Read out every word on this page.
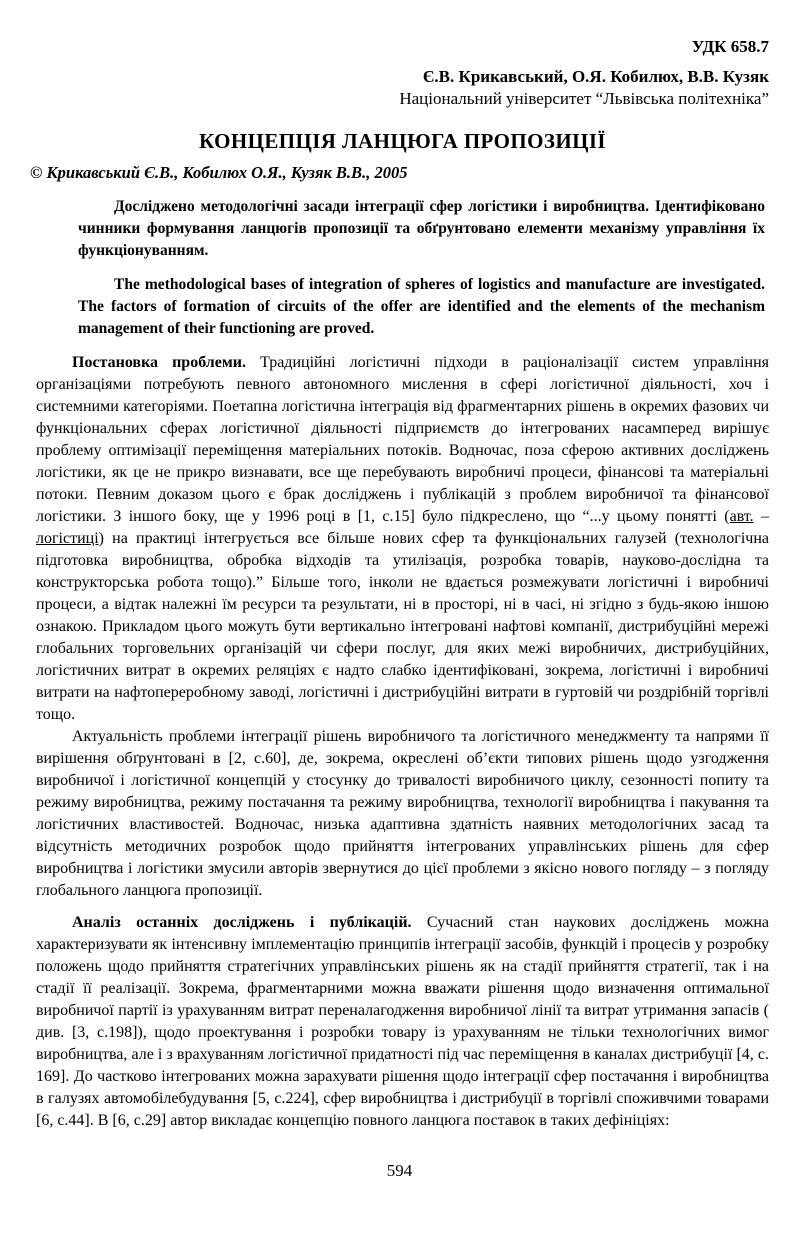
УДК 658.7
Є.В. Крикавський, О.Я. Кобилюх, В.В. Кузяк
Національний університет “Львівська політехніка”
КОНЦЕПЦІЯ ЛАНЦЮГА ПРОПОЗИЦІЇ
© Крикавський Є.В., Кобилюх О.Я., Кузяк В.В., 2005

Досліджено методологічні засади інтеграції сфер логістики і виробництва. Ідентифіковано чинники формування ланцюгів пропозиції та обґрунтовано елементи механізму управління їх функціонуванням.

The methodological bases of integration of spheres of logistics and manufacture are investigated. The factors of formation of circuits of the offer are identified and the elements of the mechanism management of their functioning are proved.

Постановка проблеми. Традиційні логістичні підходи в раціоналізації систем управління організаціями потребують певного автономного мислення в сфері логістичної діяльності, хоч і системними категоріями. Поетапна логістична інтеграція від фрагментарних рішень в окремих фазових чи функціональних сферах логістичної діяльності підприємств до інтегрованих насамперед вирішує проблему оптимізації переміщення матеріальних потоків. Водночас, поза сферою активних досліджень логістики, як це не прикро визнавати, все ще перебувають виробничі процеси, фінансові та матеріальні потоки. Певним доказом цього є брак досліджень і публікацій з проблем виробничої та фінансової логістики. З іншого боку, ще у 1996 році в [1, с.15] було підкреслено, що “...у цьому понятті (авт. – логістиці) на практиці інтегрується все більше нових сфер та функціональних галузей (технологічна підготовка виробництва, обробка відходів та утилізація, розробка товарів, науково-дослідна та конструкторська робота тощо).” Більше того, інколи не вдається розмежувати логістичні і виробничі процеси, а відтак належні їм ресурси та результати, ні в просторі, ні в часі, ні згідно з будь-якою іншою ознакою. Прикладом цього можуть бути вертикально інтегровані нафтові компанії, дистрибуційні мережі глобальних торговельних організацій чи сфери послуг, для яких межі виробничих, дистрибуційних, логістичних витрат в окремих реляціях є надто слабко ідентифіковані, зокрема, логістичні і виробничі витрати на нафтопереробному заводі, логістичні і дистрибуційні витрати в гуртовій чи роздрібній торгівлі тощо.

Актуальність проблеми інтеграції рішень виробничого та логістичного менеджменту та напрями її вирішення обґрунтовані в [2, с.60], де, зокрема, окреслені об’єкти типових рішень щодо узгодження виробничої і логістичної концепцій у стосунку до тривалості виробничого циклу, сезонності попиту та режиму виробництва, режиму постачання та режиму виробництва, технології виробництва і пакування та логістичних властивостей. Водночас, низька адаптивна здатність наявних методологічних засад та відсутність методичних розробок щодо прийняття інтегрованих управлінських рішень для сфер виробництва і логістики змусили авторів звернутися до цієї проблеми з якісно нового погляду – з погляду глобального ланцюга пропозиції.

Аналіз останніх досліджень і публікацій. Сучасний стан наукових досліджень можна характеризувати як інтенсивну імплементацію принципів інтеграції засобів, функцій і процесів у розробку положень щодо прийняття стратегічних управлінських рішень як на стадії прийняття стратегії, так і на стадії її реалізації. Зокрема, фрагментарними можна вважати рішення щодо визначення оптимальної виробничої партії із урахуванням витрат переналагодження виробничої лінії та витрат утримання запасів ( див. [3, с.198]), щодо проектування і розробки товару із урахуванням не тільки технологічних вимог виробництва, але і з врахуванням логістичної придатності під час переміщення в каналах дистрибуції [4, с. 169]. До частково інтегрованих можна зарахувати рішення щодо інтеграції сфер постачання і виробництва в галузях автомобілебудування [5, с.224], сфер виробництва і дистрибуції в торгівлі споживчими товарами [6, с.44]. В [6, с.29] автор викладає концепцію повного ланцюга поставок в таких дефініціях:

594
